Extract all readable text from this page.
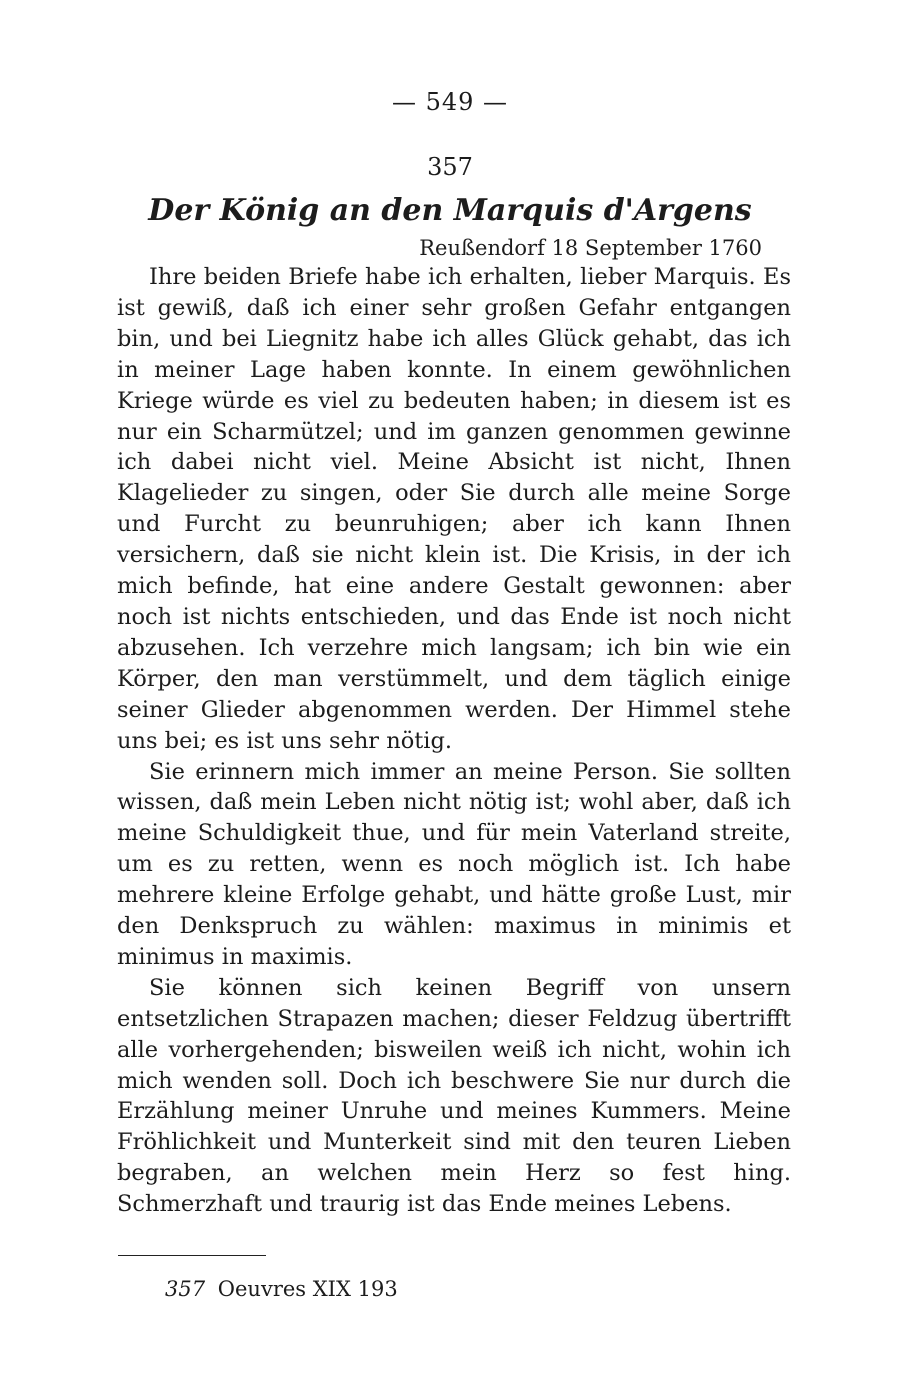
— 549 —
357
Der König an den Marquis d'Argens
Reußendorf 18 September 1760

Ihre beiden Briefe habe ich erhalten, lieber Marquis. Es ist gewiß, daß ich einer sehr großen Gefahr entgangen bin, und bei Liegnitz habe ich alles Glück gehabt, das ich in meiner Lage haben konnte. In einem gewöhnlichen Kriege würde es viel zu bedeuten haben; in diesem ist es nur ein Scharmützel; und im ganzen genommen gewinne ich dabei nicht viel. Meine Absicht ist nicht, Ihnen Klagelieder zu singen, oder Sie durch alle meine Sorge und Furcht zu beunruhigen; aber ich kann Ihnen versichern, daß sie nicht klein ist. Die Krisis, in der ich mich befinde, hat eine andere Gestalt gewonnen: aber noch ist nichts entschieden, und das Ende ist noch nicht abzusehen. Ich verzehre mich langsam; ich bin wie ein Körper, den man verstümmelt, und dem täglich einige seiner Glieder abgenommen werden. Der Himmel stehe uns bei; es ist uns sehr nötig.

Sie erinnern mich immer an meine Person. Sie sollten wissen, daß mein Leben nicht nötig ist; wohl aber, daß ich meine Schuldigkeit thue, und für mein Vaterland streite, um es zu retten, wenn es noch möglich ist. Ich habe mehrere kleine Erfolge gehabt, und hätte große Lust, mir den Denkspruch zu wählen: maximus in minimis et minimus in maximis.

Sie können sich keinen Begriff von unsern entsetzlichen Strapazen machen; dieser Feldzug übertrifft alle vorhergehenden; bisweilen weiß ich nicht, wohin ich mich wenden soll. Doch ich beschwere Sie nur durch die Erzählung meiner Unruhe und meines Kummers. Meine Fröhlichkeit und Munterkeit sind mit den teuren Lieben begraben, an welchen mein Herz so fest hing. Schmerzhaft und traurig ist das Ende meines Lebens.

357 Oeuvres XIX 193
